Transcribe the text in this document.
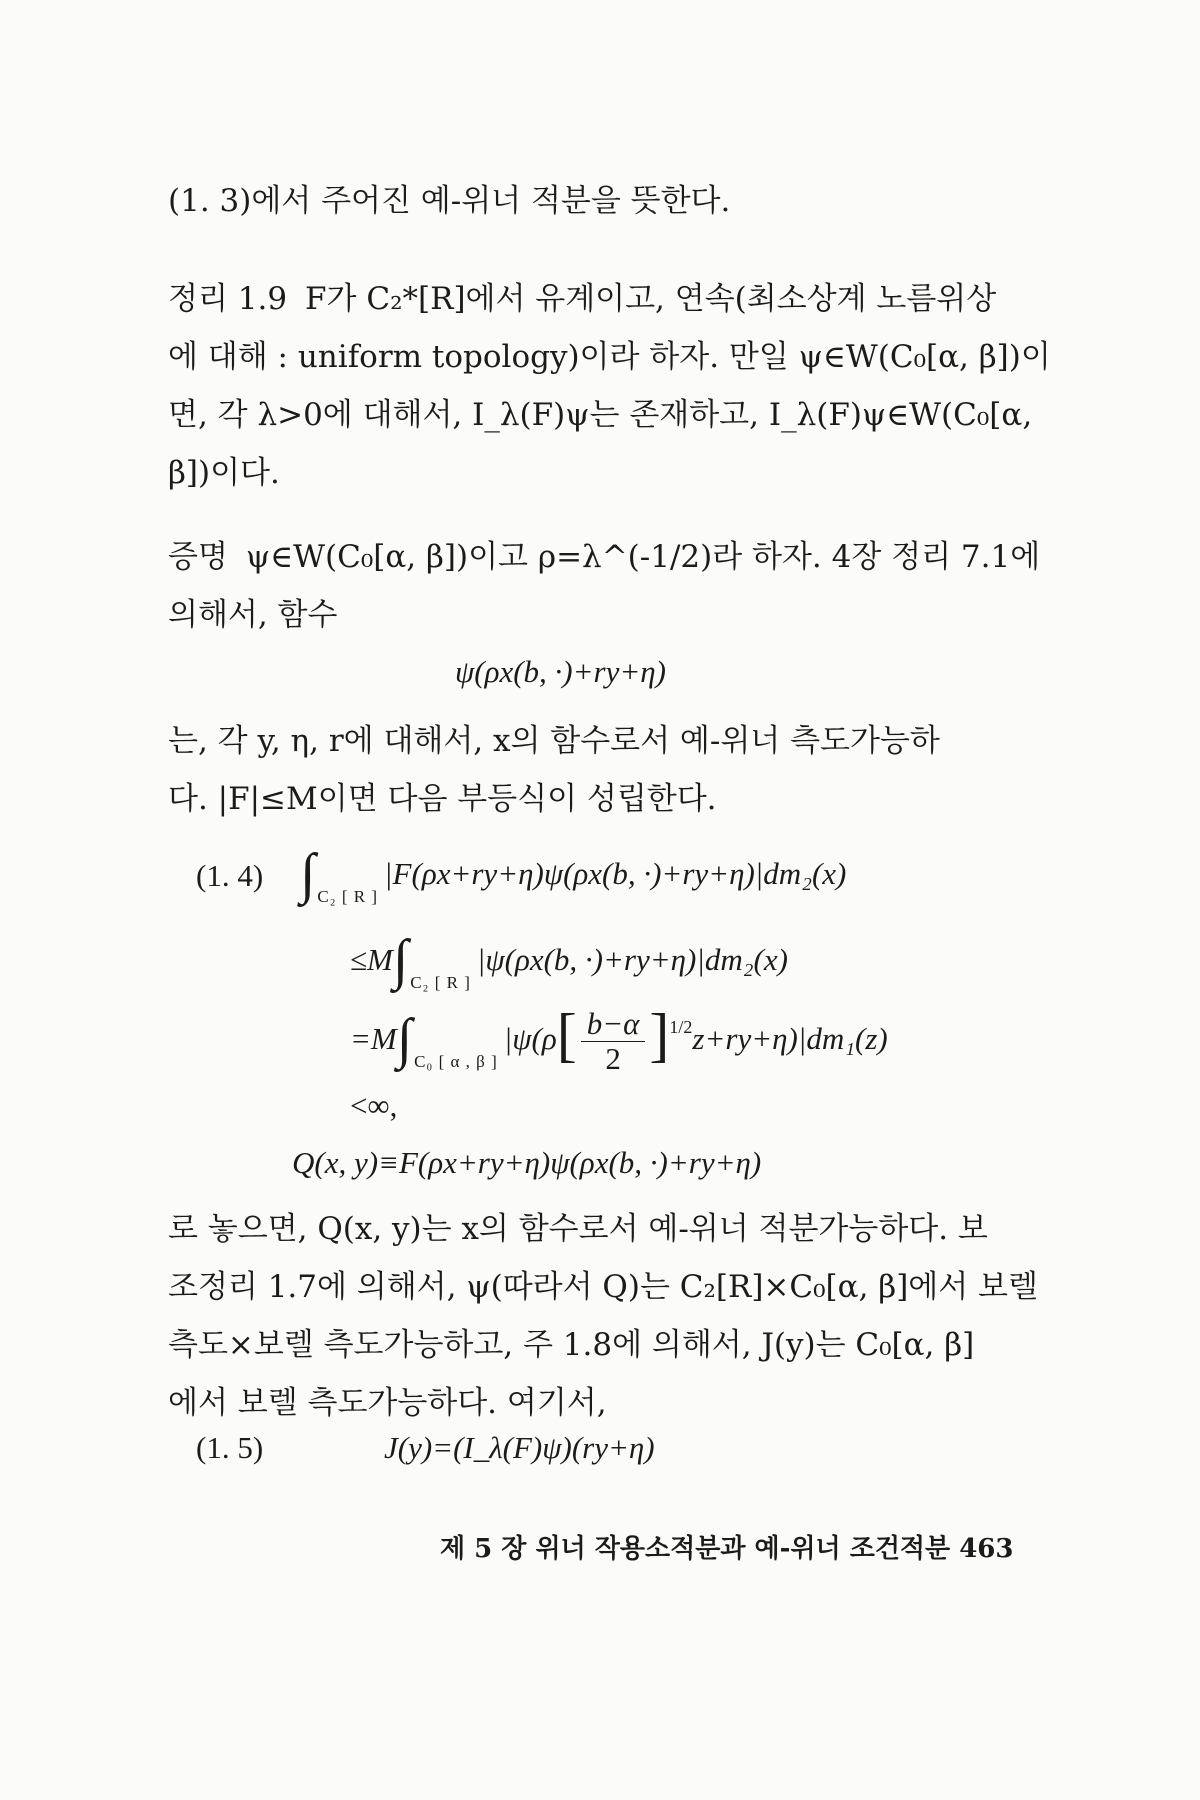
(1. 3)에서 주어진 예-위너 적분을 뜻한다.
정리 1.9 F가 C₂*[R]에서 유계이고, 연속(최소상계 노름위상
에 대해 : uniform topology)이라 하자. 만일 ψ∈W(C₀[α, β])이
면, 각 λ>0에 대해서, I_λ(F)ψ는 존재하고, I_λ(F)ψ∈W(C₀[α,
β])이다.
증명 ψ∈W(C₀[α, β])이고 ρ=λ^(-1/2)라 하자. 4장 정리 7.1에
의해서, 함수
ψ(ρx(b, ·)+ry+η)
는, 각 y, η, r에 대해서, x의 함수로서 예-위너 측도가능하
다. |F|≤M이면 다음 부등식이 성립한다.
(1. 4) ∫ $_{C_2 [ R ]}$|F(ρx+ry+η)ψ(ρx(b, ·)+ry+η)|dm₂(x)
≤M∫ $_{C_2 [ R ]}$|ψ(ρx(b, ·)+ry+η)|dm₂(x)
=M∫ $_{C_0 [ \alpha , \beta ]}|\psi(\rho[ \frac{b-\alpha}{2} ]^{1/2}z+ry+\eta)|dm_1(z)$
<∞,
Q(x, y)≡F(ρx+ry+η)ψ(ρx(b, ·)+ry+η)
로 놓으면, Q(x, y)는 x의 함수로서 예-위너 적분가능하다. 보
조정리 1.7에 의해서, ψ(따라서 Q)는 C₂[R]×C₀[α, β]에서 보렐
측도×보렐 측도가능하고, 주 1.8에 의해서, J(y)는 C₀[α, β]
에서 보렐 측도가능하다. 여기서,
(1. 5)	J(y)=(I_λ(F)ψ)(ry+η)
제 5 장 위너 작용소적분과 예-위너 조건적분 463
